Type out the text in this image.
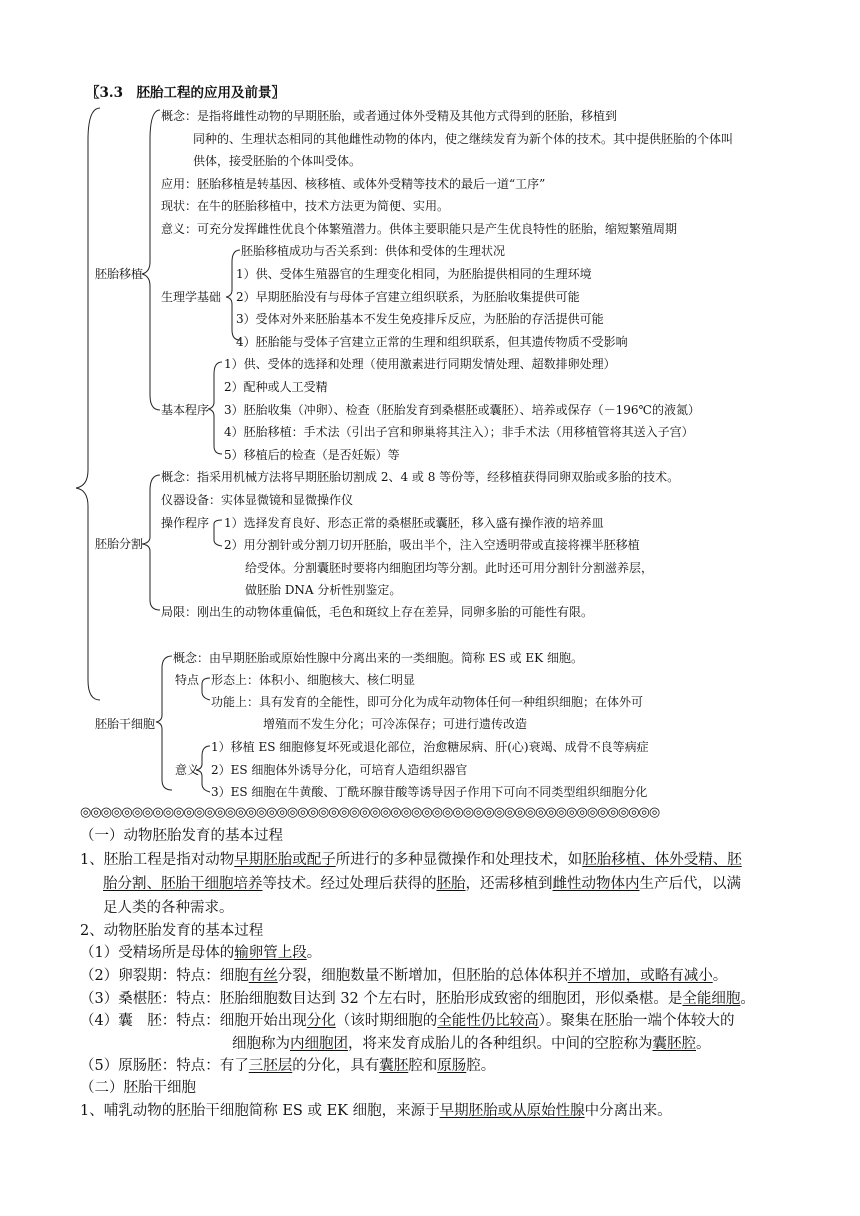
〖3.3　胚胎工程的应用及前景〗
胚胎移植
概念：是指将雌性动物的早期胚胎，或者通过体外受精及其他方式得到的胚胎，移植到
同种的、生理状态相同的其他雌性动物的体内，使之继续发育为新个体的技术。其中提供胚胎的个体叫
供体，接受胚胎的个体叫受体。
应用：胚胎移植是转基因、核移植、或体外受精等技术的最后一道“工序”
现状：在牛的胚胎移植中，技术方法更为简便、实用。
意义：可充分发挥雌性优良个体繁殖潜力。供体主要职能只是产生优良特性的胚胎，缩短繁殖周期
生理学基础
胚胎移植成功与否关系到：供体和受体的生理状况
1）供、受体生殖器官的生理变化相同，为胚胎提供相同的生理环境
2）早期胚胎没有与母体子宫建立组织联系，为胚胎收集提供可能
3）受体对外来胚胎基本不发生免疫排斥反应，为胚胎的存活提供可能
4）胚胎能与受体子宫建立正常的生理和组织联系，但其遗传物质不受影响
基本程序
1）供、受体的选择和处理（使用激素进行同期发情处理、超数排卵处理）
2）配种或人工受精
3）胚胎收集（冲卵）、检查（胚胎发育到桑椹胚或囊胚）、培养或保存（－196℃的液氮）
4）胚胎移植：手术法（引出子宫和卵巢将其注入）；非手术法（用移植管将其送入子宫）
5）移植后的检查（是否妊娠）等
胚胎分割
概念：指采用机械方法将早期胚胎切割成 2、4 或 8 等份等，经移植获得同卵双胎或多胎的技术。
仪器设备：实体显微镜和显微操作仪
操作程序 1）选择发育良好、形态正常的桑椹胚或囊胚，移入盛有操作液的培养皿
2）用分割针或分割刀切开胚胎，吸出半个，注入空透明带或直接将裸半胚移植
给受体。分割囊胚时要将内细胞团均等分割。此时还可用分割针分割滋养层，
做胚胎 DNA 分析性别鉴定。
局限：刚出生的动物体重偏低，毛色和斑纹上存在差异，同卵多胎的可能性有限。
胚胎干细胞
概念：由早期胚胎或原始性腺中分离出来的一类细胞。简称 ES 或 EK 细胞。
特点 形态上：体积小、细胞核大、核仁明显
功能上：具有发育的全能性，即可分化为成年动物体任何一种组织细胞；在体外可
增殖而不发生分化；可冷冻保存；可进行遗传改造
意义
1）移植 ES 细胞修复坏死或退化部位，治愈糖尿病、肝(心)衰竭、成骨不良等病症
2）ES 细胞体外诱导分化，可培育人造组织器官
3）ES 细胞在牛黄酸、丁酰环腺苷酸等诱导因子作用下可向不同类型组织细胞分化
◎◎◎◎◎◎◎◎◎◎◎◎◎◎◎◎◎◎◎◎◎◎◎◎◎◎◎◎◎◎◎◎◎◎◎◎◎◎◎◎◎◎◎◎◎◎◎◎◎◎◎◎◎◎◎◎
（一）动物胚胎发育的基本过程
1、胚胎工程是指对动物早期胚胎或配子所进行的多种显微操作和处理技术，如胚胎移植、体外受精、胚
胎分割、胚胎干细胞培养等技术。经过处理后获得的胚胎，还需移植到雌性动物体内生产后代，以满
足人类的各种需求。
2、动物胚胎发育的基本过程
（1）受精场所是母体的输卵管上段。
（2）卵裂期：特点：细胞有丝分裂，细胞数量不断增加，但胚胎的总体体积并不增加，或略有减小。
（3）桑椹胚：特点：胚胎细胞数目达到 32 个左右时，胚胎形成致密的细胞团，形似桑椹。是全能细胞。
（4）囊　胚：特点：细胞开始出现分化（该时期细胞的全能性仍比较高）。聚集在胚胎一端个体较大的
细胞称为内细胞团，将来发育成胎儿的各种组织。中间的空腔称为囊胚腔。
（5）原肠胚：特点：有了三胚层的分化，具有囊胚腔和原肠腔。
（二）胚胎干细胞
1、哺乳动物的胚胎干细胞简称 ES 或 EK 细胞，来源于早期胚胎或从原始性腺中分离出来。
